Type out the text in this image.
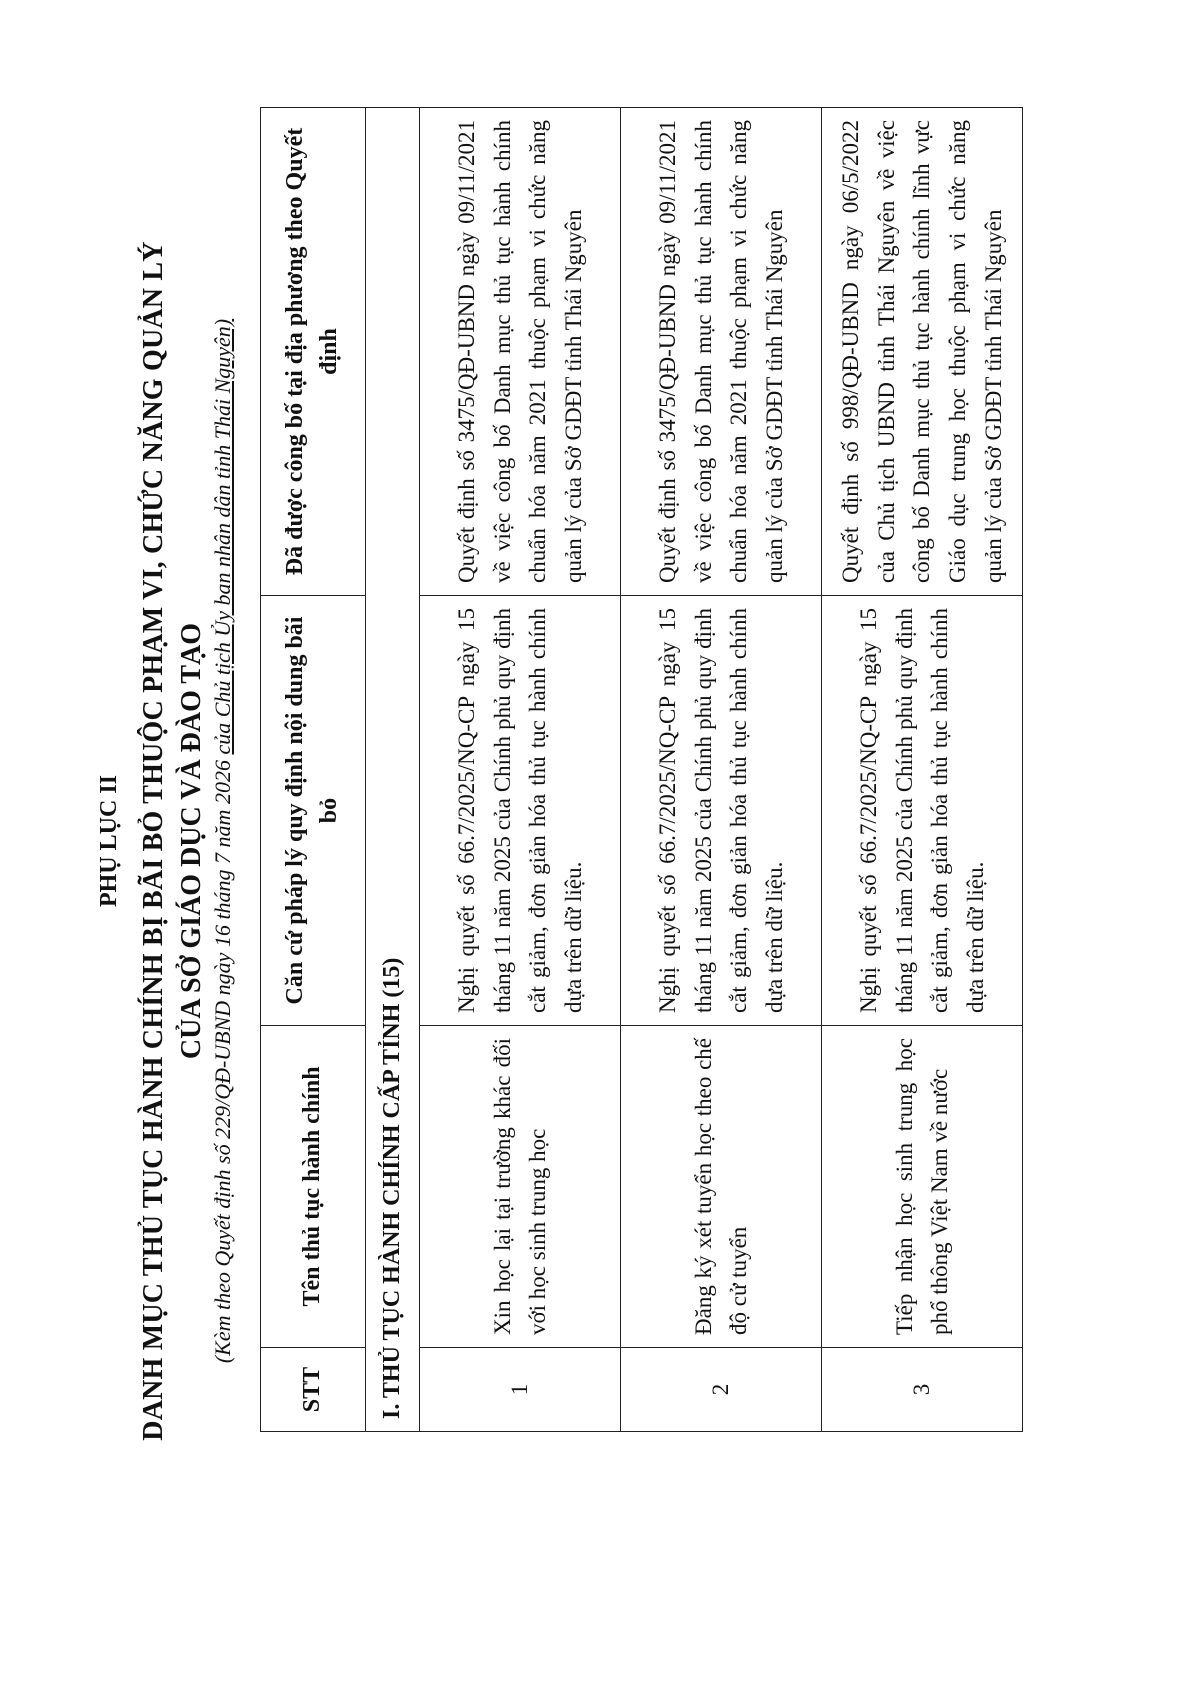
PHỤ LỤC II DANH MỤC THỦ TỤC HÀNH CHÍNH BỊ BÃI BỎ THUỘC PHẠM VI, CHỨC NĂNG QUẢN LÝ CỦA SỞ GIÁO DỤC VÀ ĐÀO TẠO (Kèm theo Quyết định số 229/QĐ-UBND ngày 16 tháng 7 năm 2026 của Chủ tịch Ủy ban nhân dân tỉnh Thái Nguyên)
STT	Tên thủ tục hành chính	Căn cứ pháp lý quy định nội dung bãi bỏ	Đã được công bố tại địa phương theo Quyết định
I. THỦ TỤC HÀNH CHÍNH CẤP TỈNH (15)			
1	Xin học lại tại trường khác đối với học sinh trung học	Nghị quyết số 66.7/2025/NQ-CP ngày 15 tháng 11 năm 2025 của Chính phủ quy định cắt giảm, đơn giản hóa thủ tục hành chính dựa trên dữ liệu.	Quyết định số 3475/QĐ-UBND ngày 09/11/2021 về việc công bố Danh mục thủ tục hành chính chuẩn hóa năm 2021 thuộc phạm vi chức năng quản lý của Sở GDĐT tỉnh Thái Nguyên
2	Đăng ký xét tuyển học theo chế độ cử tuyển	Nghị quyết số 66.7/2025/NQ-CP ngày 15 tháng 11 năm 2025 của Chính phủ quy định cắt giảm, đơn giản hóa thủ tục hành chính dựa trên dữ liệu.	Quyết định số 3475/QĐ-UBND ngày 09/11/2021 về việc công bố Danh mục thủ tục hành chính chuẩn hóa năm 2021 thuộc phạm vi chức năng quản lý của Sở GDĐT tỉnh Thái Nguyên
3	Tiếp nhận học sinh trung học phổ thông Việt Nam về nước	Nghị quyết số 66.7/2025/NQ-CP ngày 15 tháng 11 năm 2025 của Chính phủ quy định cắt giảm, đơn giản hóa thủ tục hành chính dựa trên dữ liệu.	Quyết định số 998/QĐ-UBND ngày 06/5/2022 của Chủ tịch UBND tỉnh Thái Nguyên về việc công bố Danh mục thủ tục hành chính lĩnh vực Giáo dục trung học thuộc phạm vi chức năng quản lý của Sở GDĐT tỉnh Thái Nguyên
